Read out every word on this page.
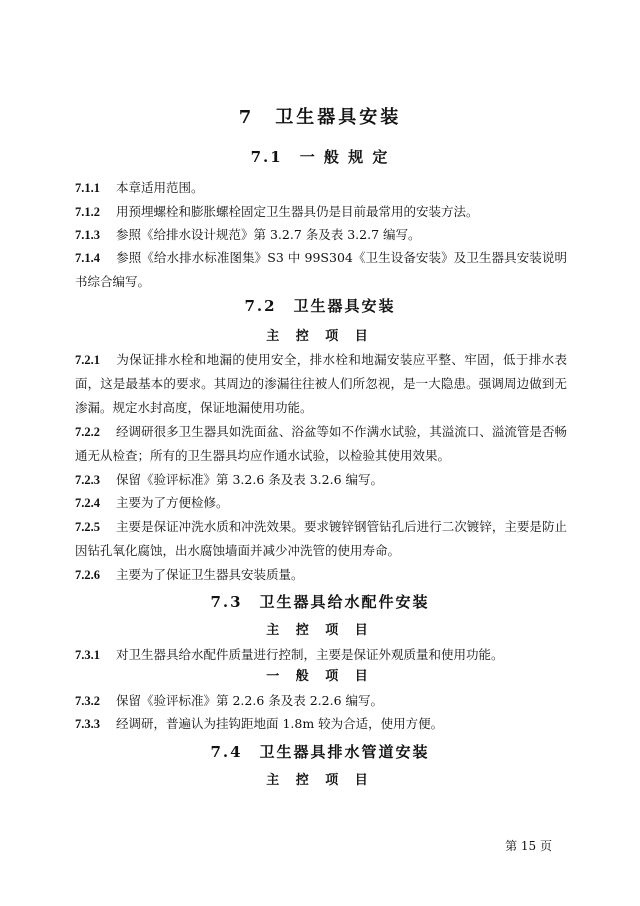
7　卫生器具安装
7.1　一 般 规 定
7.1.1 本章适用范围。
7.1.2 用预埋螺栓和膨胀螺栓固定卫生器具仍是目前最常用的安装方法。
7.1.3 参照《给排水设计规范》第 3.2.7 条及表 3.2.7 编写。
7.1.4 参照《给水排水标准图集》S3 中 99S304《卫生设备安装》及卫生器具安装说明书综合编写。
7.2　卫生器具安装
主 控 项 目
7.2.1 为保证排水栓和地漏的使用安全，排水栓和地漏安装应平整、牢固，低于排水表面，这是最基本的要求。其周边的渗漏往往被人们所忽视，是一大隐患。强调周边做到无渗漏。规定水封高度，保证地漏使用功能。
7.2.2 经调研很多卫生器具如洗面盆、浴盆等如不作满水试验，其溢流口、溢流管是否畅通无从检查；所有的卫生器具均应作通水试验，以检验其使用效果。
7.2.3 保留《验评标准》第 3.2.6 条及表 3.2.6 编写。
7.2.4 主要为了方便检修。
7.2.5 主要是保证冲洗水质和冲洗效果。要求镀锌钢管钻孔后进行二次镀锌，主要是防止因钻孔氧化腐蚀，出水腐蚀墙面并减少冲洗管的使用寿命。
7.2.6 主要为了保证卫生器具安装质量。
7.3　卫生器具给水配件安装
主 控 项 目
7.3.1 对卫生器具给水配件质量进行控制，主要是保证外观质量和使用功能。
一 般 项 目
7.3.2 保留《验评标准》第 2.2.6 条及表 2.2.6 编写。
7.3.3 经调研，普遍认为挂钩距地面 1.8m 较为合适，使用方便。
7.4　卫生器具排水管道安装
主 控 项 目
第 15 页
